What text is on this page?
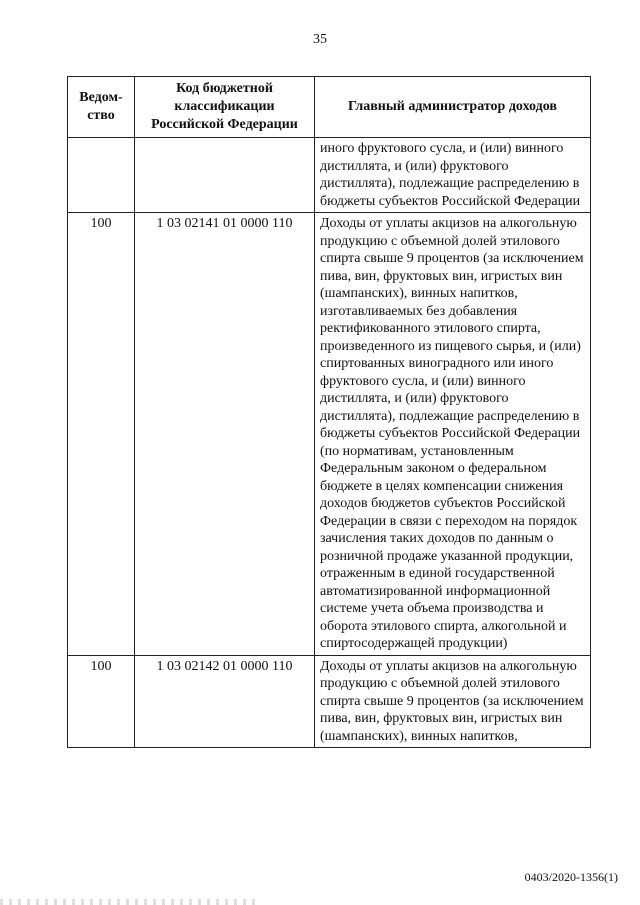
35
Ведом-ство	Код бюджетной классификации Российской Федерации	Главный администратор доходов
		иного фруктового сусла, и (или) винного дистиллята, и (или) фруктового дистиллята), подлежащие распределению в бюджеты субъектов Российской Федерации
100	1 03 02141 01 0000 110	Доходы от уплаты акцизов на алкогольную продукцию с объемной долей этилового спирта свыше 9 процентов (за исключением пива, вин, фруктовых вин, игристых вин (шампанских), винных напитков, изготавливаемых без добавления ректификованного этилового спирта, произведенного из пищевого сырья, и (или) спиртованных виноградного или иного фруктового сусла, и (или) винного дистиллята, и (или) фруктового дистиллята), подлежащие распределению в бюджеты субъектов Российской Федерации (по нормативам, установленным Федеральным законом о федеральном бюджете в целях компенсации снижения доходов бюджетов субъектов Российской Федерации в связи с переходом на порядок зачисления таких доходов по данным о розничной продаже указанной продукции, отраженным в единой государственной автоматизированной информационной системе учета объема производства и оборота этилового спирта, алкогольной и спиртосодержащей продукции)
100	1 03 02142 01 0000 110	Доходы от уплаты акцизов на алкогольную продукцию с объемной долей этилового спирта свыше 9 процентов (за исключением пива, вин, фруктовых вин, игристых вин (шампанских), винных напитков,
0403/2020-1356(1)
